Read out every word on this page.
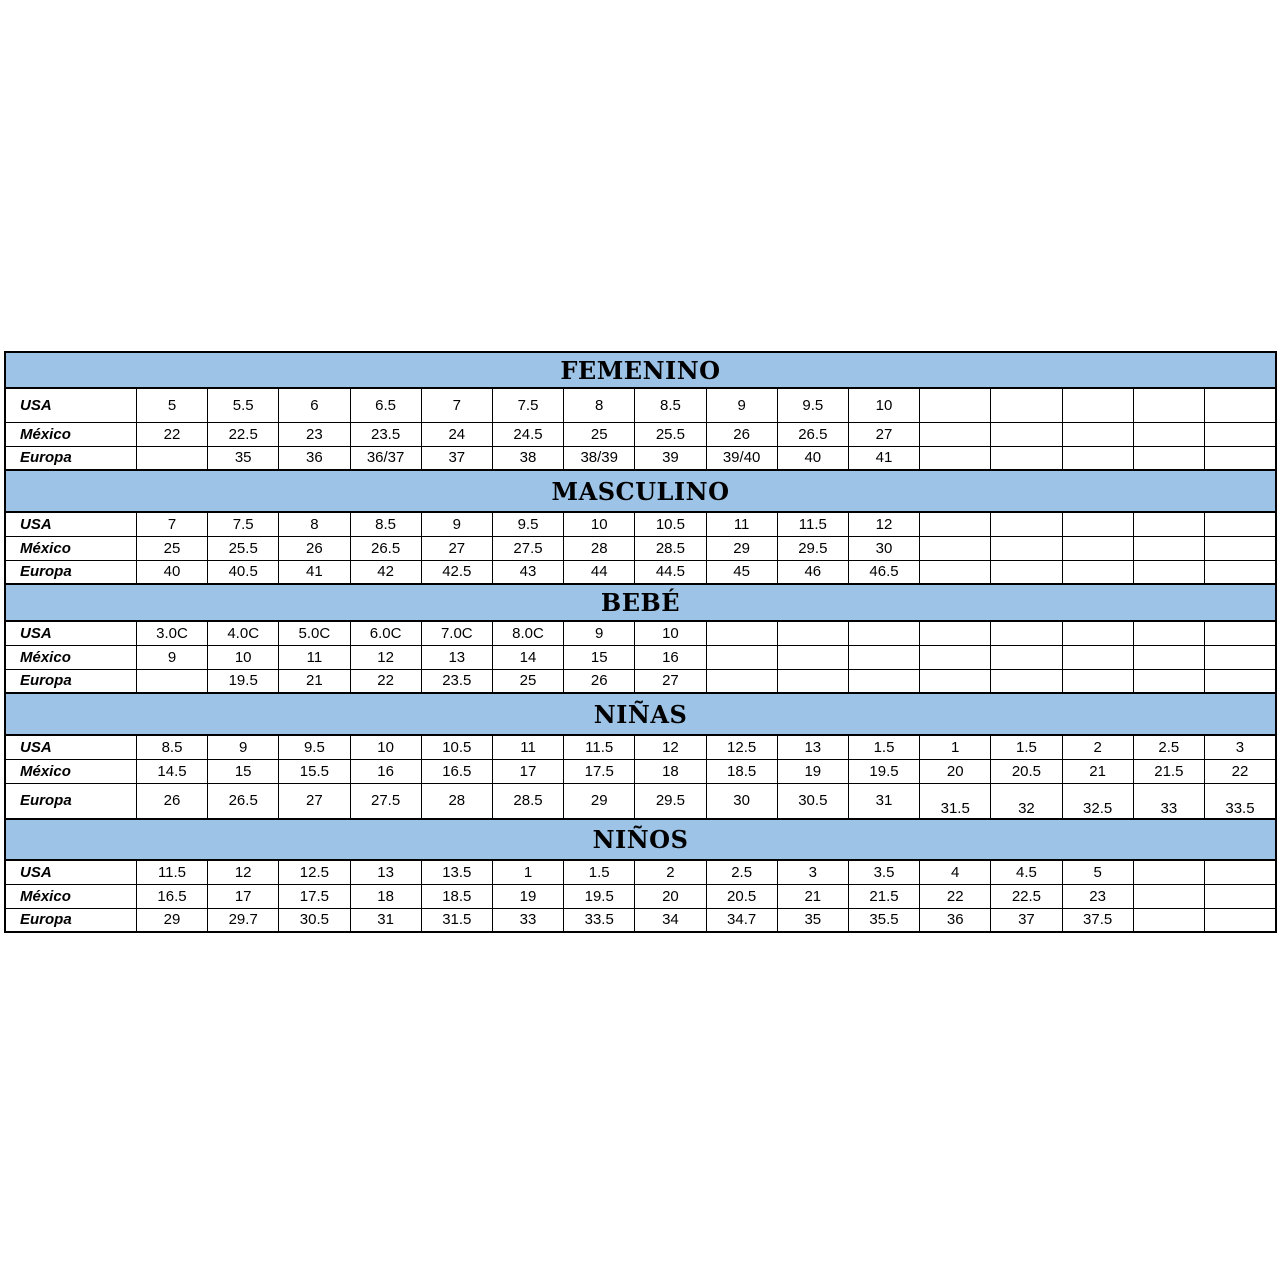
FEMENINO																
USA	5	5.5	6	6.5	7	7.5	8	8.5	9	9.5	10					
México	22	22.5	23	23.5	24	24.5	25	25.5	26	26.5	27					
Europa		35	36	36/37	37	38	38/39	39	39/40	40	41					
MASCULINO																
USA	7	7.5	8	8.5	9	9.5	10	10.5	11	11.5	12					
México	25	25.5	26	26.5	27	27.5	28	28.5	29	29.5	30					
Europa	40	40.5	41	42	42.5	43	44	44.5	45	46	46.5					
BEBÉ																
USA	3.0C	4.0C	5.0C	6.0C	7.0C	8.0C	9	10								
México	9	10	11	12	13	14	15	16								
Europa		19.5	21	22	23.5	25	26	27								
NIÑAS																
USA	8.5	9	9.5	10	10.5	11	11.5	12	12.5	13	1.5	1	1.5	2	2.5	3
México	14.5	15	15.5	16	16.5	17	17.5	18	18.5	19	19.5	20	20.5	21	21.5	22
Europa	26	26.5	27	27.5	28	28.5	29	29.5	30	30.5	31	31.5	32	32.5	33	33.5
NIÑOS																
USA	11.5	12	12.5	13	13.5	1	1.5	2	2.5	3	3.5	4	4.5	5		
México	16.5	17	17.5	18	18.5	19	19.5	20	20.5	21	21.5	22	22.5	23		
Europa	29	29.7	30.5	31	31.5	33	33.5	34	34.7	35	35.5	36	37	37.5		
